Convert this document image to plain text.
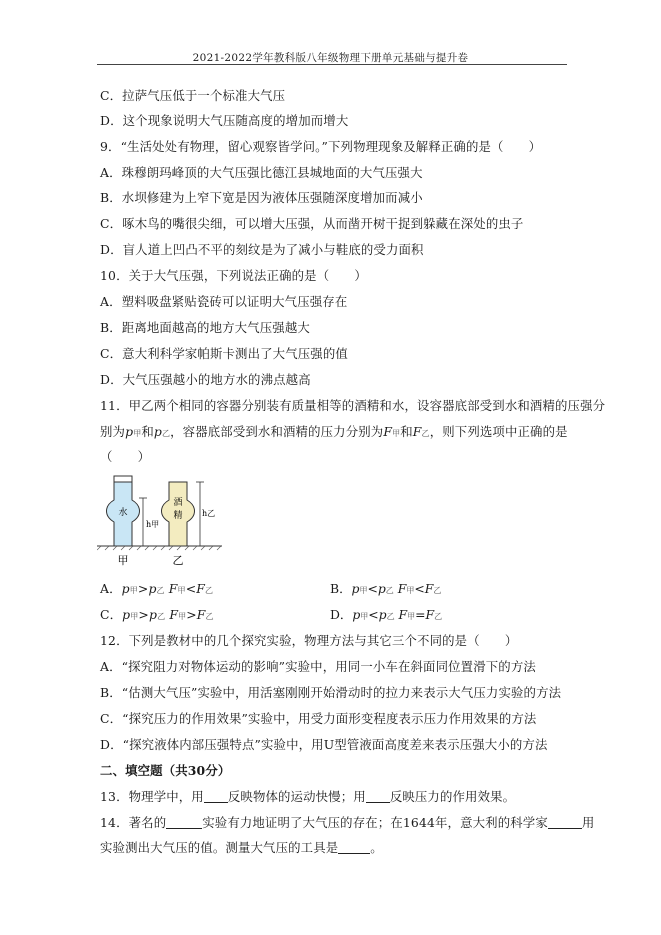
2021-2022学年教科版八年级物理下册单元基础与提升卷
C．拉萨气压低于一个标准大气压
D．这个现象说明大气压随高度的增加而增大
9．“生活处处有物理，留心观察皆学问。”下列物理现象及解释正确的是（　　）
A．珠穆朗玛峰顶的大气压强比德江县城地面的大气压强大
B．水坝修建为上窄下宽是因为液体压强随深度增加而减小
C．啄木鸟的嘴很尖细，可以增大压强，从而凿开树干捉到躲藏在深处的虫子
D．盲人道上凹凸不平的刻纹是为了减小与鞋底的受力面积
10．关于大气压强，下列说法正确的是（　　）
A．塑料吸盘紧贴瓷砖可以证明大气压强存在
B．距离地面越高的地方大气压强越大
C．意大利科学家帕斯卡测出了大气压强的值
D．大气压强越小的地方水的沸点越高
11．甲乙两个相同的容器分别装有质量相等的酒精和水，设容器底部受到水和酒精的压强分
别为p甲和p乙，容器底部受到水和酒精的压力分别为F甲和F乙，则下列选项中正确的是
（　　）
水
酒
精
h甲
h乙
甲	乙
A．p甲>p乙 F甲<F乙	B．p甲<p乙 F甲<F乙
C．p甲>p乙 F甲>F乙	D．p甲<p乙 F甲=F乙
12．下列是教材中的几个探究实验，物理方法与其它三个不同的是（　　）
A．“探究阻力对物体运动的影响”实验中，用同一小车在斜面同位置滑下的方法
B．“估测大气压”实验中，用活塞刚刚开始滑动时的拉力来表示大气压力实验的方法
C．“探究压力的作用效果”实验中，用受力面形变程度表示压力作用效果的方法
D．“探究液体内部压强特点”实验中，用U型管液面高度差来表示压强大小的方法
二、填空题（共30分）
13．物理学中，用 反映物体的运动快慢；用 反映压力的作用效果。
14．著名的	实验有力地证明了大气压的存在；在1644年，意大利的科学家	用
实验测出大气压的值。测量大气压的工具是	。
